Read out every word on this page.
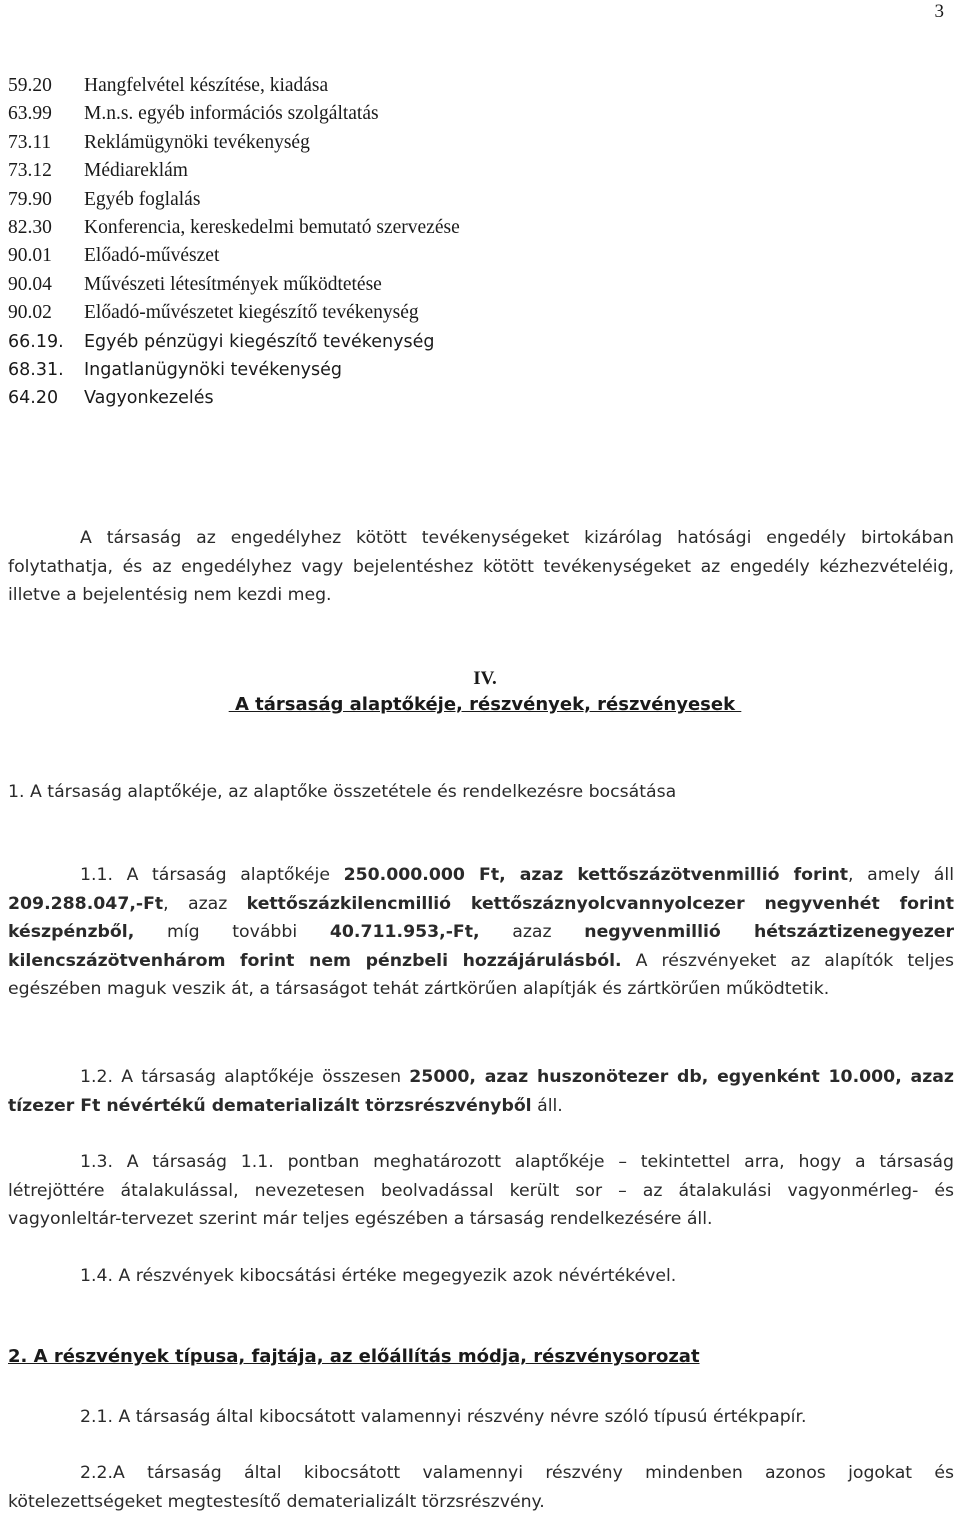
3
59.20 Hangfelvétel készítése, kiadása
63.99 M.n.s. egyéb információs szolgáltatás
73.11 Reklámügynöki tevékenység
73.12 Médiareklám
79.90 Egyéb foglalás
82.30 Konferencia, kereskedelmi bemutató szervezése
90.01 Előadó-művészet
90.04 Művészeti létesítmények működtetése
90.02 Előadó-művészetet kiegészítő tevékenység
66.19. Egyéb pénzügyi kiegészítő tevékenység
68.31. Ingatlanügynöki tevékenység
64.20 Vagyonkezelés

A társaság az engedélyhez kötött tevékenységeket kizárólag hatósági engedély birtokában folytathatja, és az engedélyhez vagy bejelentéshez kötött tevékenységeket az engedély kézhezvételéig, illetve a bejelentésig nem kezdi meg.

IV.
A társaság alaptőkéje, részvények, részvényesek

1. A társaság alaptőkéje, az alaptőke összetétele és rendelkezésre bocsátása

1.1. A társaság alaptőkéje 250.000.000 Ft, azaz kettőszázötvenmillió forint, amely áll 209.288.047,-Ft, azaz kettőszázkilencmillió kettőszáznyolcvannyolcezer negyvenhét forint készpénzből, míg további 40.711.953,-Ft, azaz negyvenmillió hétszáztizenegyezer kilencszázötvenhárom forint nem pénzbeli hozzájárulásból. A részvényeket az alapítók teljes egészében maguk veszik át, a társaságot tehát zártkörűen alapítják és zártkörűen működtetik.

1.2. A társaság alaptőkéje összesen 25000, azaz huszonötezer db, egyenként 10.000, azaz tízezer Ft névértékű dematerializált törzsrészvényből áll.

1.3. A társaság 1.1. pontban meghatározott alaptőkéje – tekintettel arra, hogy a társaság létrejöttére átalakulással, nevezetesen beolvadással került sor – az átalakulási vagyonmérleg- és vagyonleltár-tervezet szerint már teljes egészében a társaság rendelkezésére áll.

1.4. A részvények kibocsátási értéke megegyezik azok névértékével.

2. A részvények típusa, fajtája, az előállítás módja, részvénysorozat

2.1. A társaság által kibocsátott valamennyi részvény névre szóló típusú értékpapír.

2.2.A társaság által kibocsátott valamennyi részvény mindenben azonos jogokat és kötelezettségeket megtestesítő dematerializált törzsrészvény.
